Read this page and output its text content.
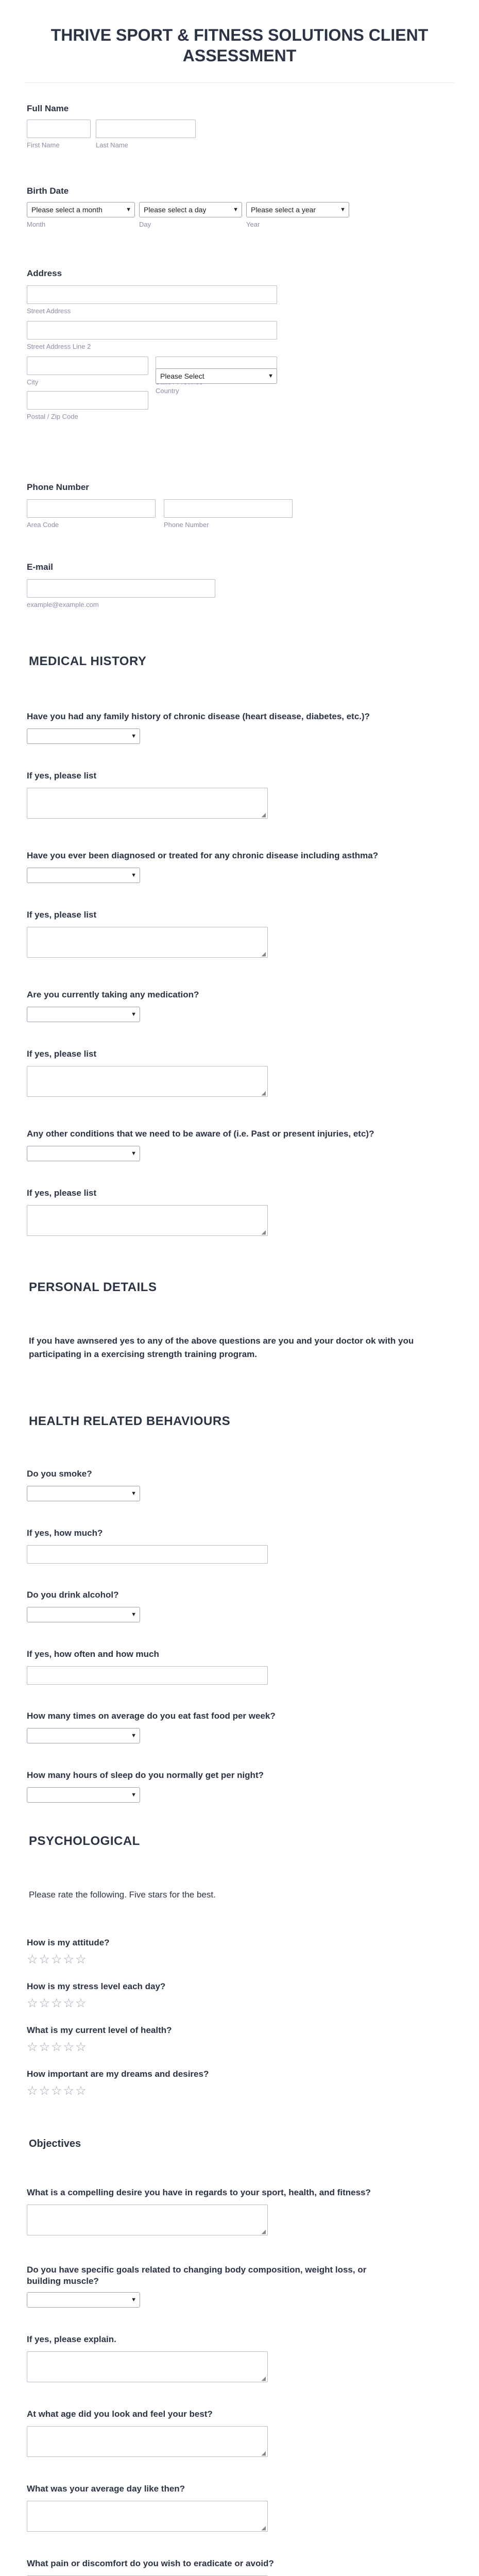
THRIVE SPORT & FITNESS SOLUTIONS CLIENT
ASSESSMENT
Full Name
First Name	Last Name
Birth Date
Please select a month	▼
Month
Please select a day	▼
Day
Please select a year	▼
Year
Address
Street Address
Street Address Line 2
City
Postal / Zip Code
Please Select	▼
Country
Phone Number
Area Code	Phone Number
E-mail
example@example.com
MEDICAL HISTORY
Have you had any family history of chronic disease (heart disease, diabetes, etc.)?
▼
If yes, please list
◢
Have you ever been diagnosed or treated for any chronic disease including asthma?
▼
If yes, please list
◢
Are you currently taking any medication?
▼
If yes, please list
◢
Any other conditions that we need to be aware of (i.e. Past or present injuries, etc)?
▼
If yes, please list
◢
PERSONAL DETAILS
If you have awnsered yes to any of the above questions are you and your doctor ok with you participating in a exercising strength training program.
HEALTH RELATED BEHAVIOURS
Do you smoke?
▼
If yes, how much?
Do you drink alcohol?
▼
If yes, how often and how much
How many times on average do you eat fast food per week?
▼
How many hours of sleep do you normally get per night?
▼
PSYCHOLOGICAL
Please rate the following. Five stars for the best.
How is my attitude?
☆☆☆☆☆
How is my stress level each day?
☆☆☆☆☆
What is my current level of health?
☆☆☆☆☆
How important are my dreams and desires?
☆☆☆☆☆
Objectives
What is a compelling desire you have in regards to your sport, health, and fitness?
◢
Do you have specific goals related to changing body composition, weight loss, or
building muscle?
▼
If yes, please explain.
◢
At what age did you look and feel your best?
◢
What was your average day like then?
◢
What pain or discomfort do you wish to eradicate or avoid?
